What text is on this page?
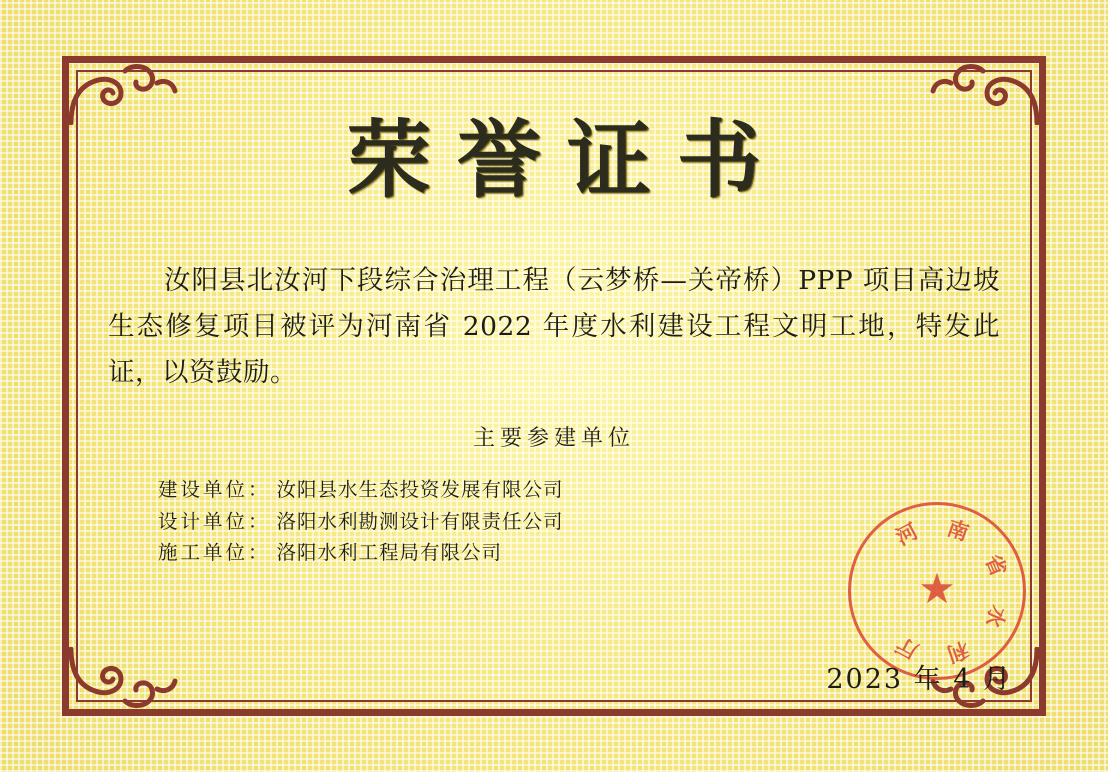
荣誉证书
汝阳县北汝河下段综合治理工程（云梦桥—关帝桥）PPP 项目高边坡生态修复项目被评为河南省 2022 年度水利建设工程文明工地，特发此证，以资鼓励。
主要参建单位
建设单位： 汝阳县水生态投资发展有限公司
设计单位： 洛阳水利勘测设计有限责任公司
施工单位： 洛阳水利工程局有限公司
★
河 南
省
水
利
厅
2023 年 4 月
